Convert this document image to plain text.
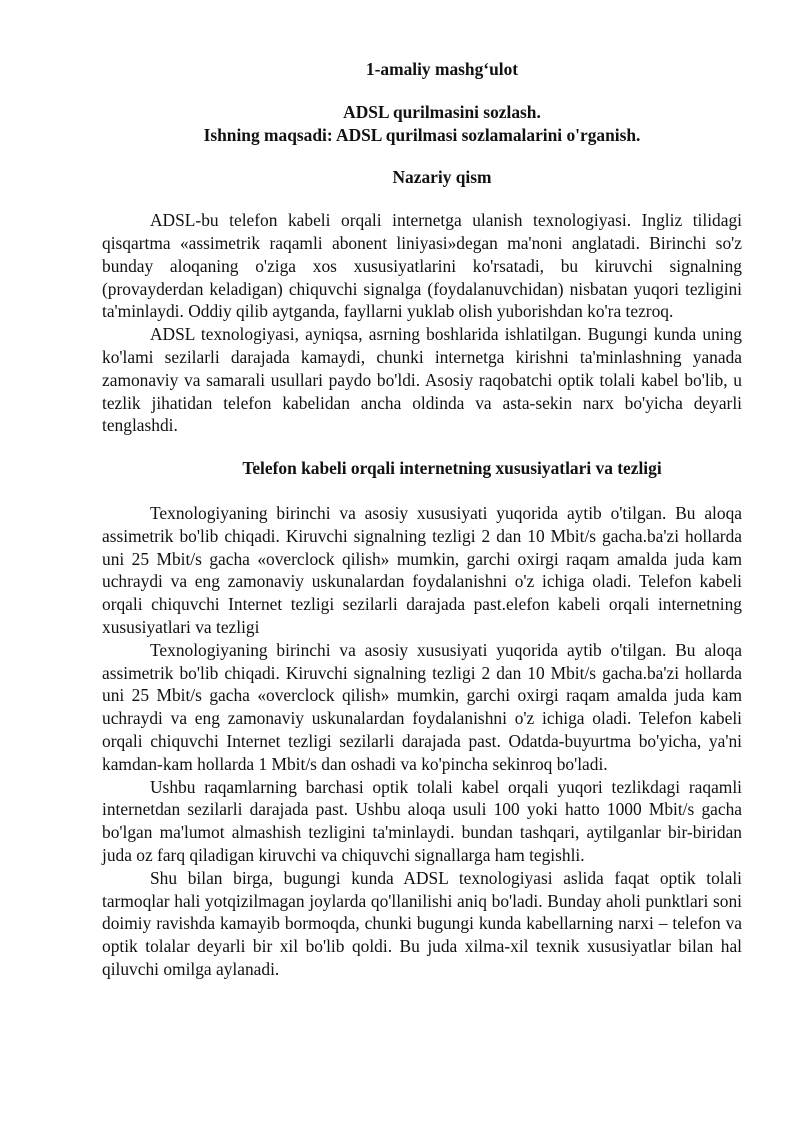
1-amaliy mashg‘ulot

ADSL qurilmasini sozlash.

Ishning maqsadi: ADSL qurilmasi sozlamalarini o'rganish.

Nazariy qism

ADSL-bu telefon kabeli orqali internetga ulanish texnologiyasi. Ingliz tilidagi qisqartma «assimetrik raqamli abonent liniyasi»degan ma'noni anglatadi. Birinchi so'z bunday aloqaning o'ziga xos xususiyatlarini ko'rsatadi, bu kiruvchi signalning (provayderdan keladigan) chiquvchi signalga (foydalanuvchidan) nisbatan yuqori tezligini ta'minlaydi. Oddiy qilib aytganda, fayllarni yuklab olish yuborishdan ko'ra tezroq.

ADSL texnologiyasi, ayniqsa, asrning boshlarida ishlatilgan. Bugungi kunda uning ko'lami sezilarli darajada kamaydi, chunki internetga kirishni ta'minlashning yanada zamonaviy va samarali usullari paydo bo'ldi. Asosiy raqobatchi optik tolali kabel bo'lib, u tezlik jihatidan telefon kabelidan ancha oldinda va asta-sekin narx bo'yicha deyarli tenglashdi.

Telefon kabeli orqali internetning xususiyatlari va tezligi

Texnologiyaning birinchi va asosiy xususiyati yuqorida aytib o'tilgan. Bu aloqa assimetrik bo'lib chiqadi. Kiruvchi signalning tezligi 2 dan 10 Mbit/s gacha.ba'zi hollarda uni 25 Mbit/s gacha «overclock qilish» mumkin, garchi oxirgi raqam amalda juda kam uchraydi va eng zamonaviy uskunalardan foydalanishni o'z ichiga oladi. Telefon kabeli orqali chiquvchi Internet tezligi sezilarli darajada past.elefon kabeli orqali internetning xususiyatlari va tezligi

Texnologiyaning birinchi va asosiy xususiyati yuqorida aytib o'tilgan. Bu aloqa assimetrik bo'lib chiqadi. Kiruvchi signalning tezligi 2 dan 10 Mbit/s gacha.ba'zi hollarda uni 25 Mbit/s gacha «overclock qilish» mumkin, garchi oxirgi raqam amalda juda kam uchraydi va eng zamonaviy uskunalardan foydalanishni o'z ichiga oladi. Telefon kabeli orqali chiquvchi Internet tezligi sezilarli darajada past. Odatda-buyurtma bo'yicha, ya'ni kamdan-kam hollarda 1 Mbit/s dan oshadi va ko'pincha sekinroq bo'ladi.

Ushbu raqamlarning barchasi optik tolali kabel orqali yuqori tezlikdagi raqamli internetdan sezilarli darajada past. Ushbu aloqa usuli 100 yoki hatto 1000 Mbit/s gacha bo'lgan ma'lumot almashish tezligini ta'minlaydi. bundan tashqari, aytilganlar bir-biridan juda oz farq qiladigan kiruvchi va chiquvchi signallarga ham tegishli.

Shu bilan birga, bugungi kunda ADSL texnologiyasi aslida faqat optik tolali tarmoqlar hali yotqizilmagan joylarda qo'llanilishi aniq bo'ladi. Bunday aholi punktlari soni doimiy ravishda kamayib bormoqda, chunki bugungi kunda kabellarning narxi – telefon va optik tolalar deyarli bir xil bo'lib qoldi. Bu juda xilma-xil texnik xususiyatlar bilan hal qiluvchi omilga aylanadi.
